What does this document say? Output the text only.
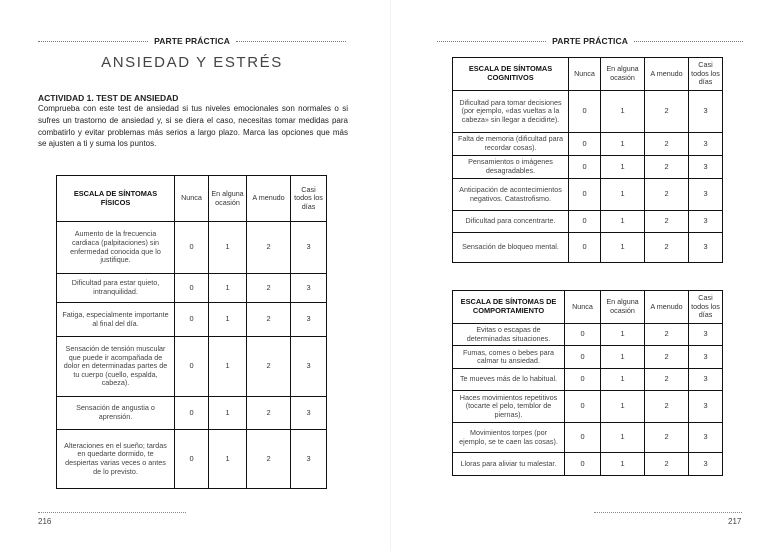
PARTE PRÁCTICA
ANSIEDAD Y ESTRÉS
ACTIVIDAD 1. TEST DE ANSIEDAD

Comprueba con este test de ansiedad si tus niveles emocionales son normales o si sufres un trastorno de ansiedad y, si se diera el caso, necesitas tomar medidas para combatirlo y evitar problemas más serios a largo plazo. Marca las opciones que más se ajusten a ti y suma los puntos.

ESCALA DE SÍNTOMAS FÍSICOS	Nunca	En alguna ocasión	A menudo	Casi todos los días
Aumento de la frecuencia cardiaca (palpitaciones) sin enfermedad conocida que lo justifique.	0	1	2	3
Dificultad para estar quieto, intranquilidad.	0	1	2	3
Fatiga, especialmente importante al final del día.	0	1	2	3
Sensación de tensión muscular que puede ir acompañada de dolor en determinadas partes de tu cuerpo (cuello, espalda, cabeza).	0	1	2	3
Sensación de angustia o aprensión.	0	1	2	3
Alteraciones en el sueño; tardas en quedarte dormido, te despiertas varias veces o antes de lo previsto.	0	1	2	3
216
PARTE PRÁCTICA
217
ESCALA DE SÍNTOMAS COGNITIVOS	Nunca	En alguna ocasión	A menudo	Casi todos los días
Dificultad para tomar decisiones (por ejemplo, «das vueltas a la cabeza» sin llegar a decidirte).	0	1	2	3
Falta de memoria (dificultad para recordar cosas).	0	1	2	3
Pensamientos o imágenes desagradables.	0	1	2	3
Anticipación de acontecimientos negativos. Catastrofismo.	0	1	2	3
Dificultad para concentrarte.	0	1	2	3
Sensación de bloqueo mental.	0	1	2	3
ESCALA DE SÍNTOMAS DE COMPORTAMIENTO	Nunca	En alguna ocasión	A menudo	Casi todos los días
Evitas o escapas de determinadas situaciones.	0	1	2	3
Fumas, comes o bebes para calmar tu ansiedad.	0	1	2	3
Te mueves más de lo habitual.	0	1	2	3
Haces movimientos repetitivos (tocarte el pelo, temblor de piernas).	0	1	2	3
Movimientos torpes (por ejemplo, se te caen las cosas).	0	1	2	3
Lloras para aliviar tu malestar.	0	1	2	3
